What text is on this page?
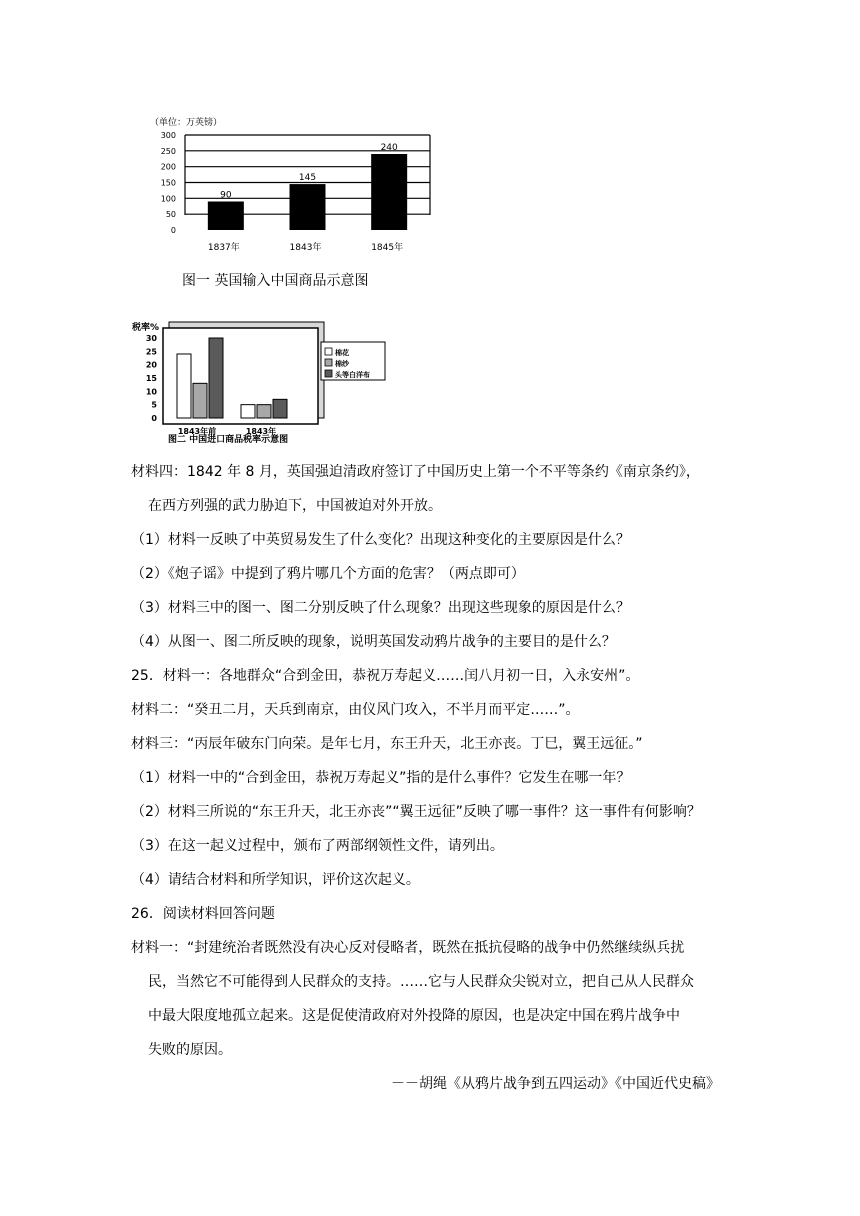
（单位：万英镑）
0
50
100
150
200
250
300
90
1837年
145
1843年
240
1845年
图一 英国输入中国商品示意图
税率%
0
5
10
15
20
25
30
1843年前	1843年
棉花
棉纱
头等白洋布
图二 中国进口商品税率示意图
材料四：1842 年 8 月，英国强迫清政府签订了中国历史上第一个不平等条约《南京条约》，
在西方列强的武力胁迫下，中国被迫对外开放。
（1）材料一反映了中英贸易发生了什么变化？出现这种变化的主要原因是什么？
（2）《炮子谣》中提到了鸦片哪几个方面的危害？（两点即可）
（3）材料三中的图一、图二分别反映了什么现象？出现这些现象的原因是什么？
（4）从图一、图二所反映的现象，说明英国发动鸦片战争的主要目的是什么？
25．材料一：各地群众“合到金田，恭祝万寿起义……闰八月初一日，入永安州”。
材料二：“癸丑二月，天兵到南京，由仪风门攻入，不半月而平定……”。
材料三：“丙辰年破东门向荣。是年七月，东王升天，北王亦丧。丁巳，翼王远征。”
（1）材料一中的“合到金田，恭祝万寿起义”指的是什么事件？它发生在哪一年？
（2）材料三所说的“东王升天，北王亦丧”“翼王远征”反映了哪一事件？这一事件有何影响？
（3）在这一起义过程中，颁布了两部纲领性文件，请列出。
（4）请结合材料和所学知识，评价这次起义。
26．阅读材料回答问题
材料一：“封建统治者既然没有决心反对侵略者，既然在抵抗侵略的战争中仍然继续纵兵扰
民，当然它不可能得到人民群众的支持。……它与人民群众尖锐对立，把自己从人民群众
中最大限度地孤立起来。这是促使清政府对外投降的原因，也是决定中国在鸦片战争中
失败的原因。
－－胡绳《从鸦片战争到五四运动》《中国近代史稿》
